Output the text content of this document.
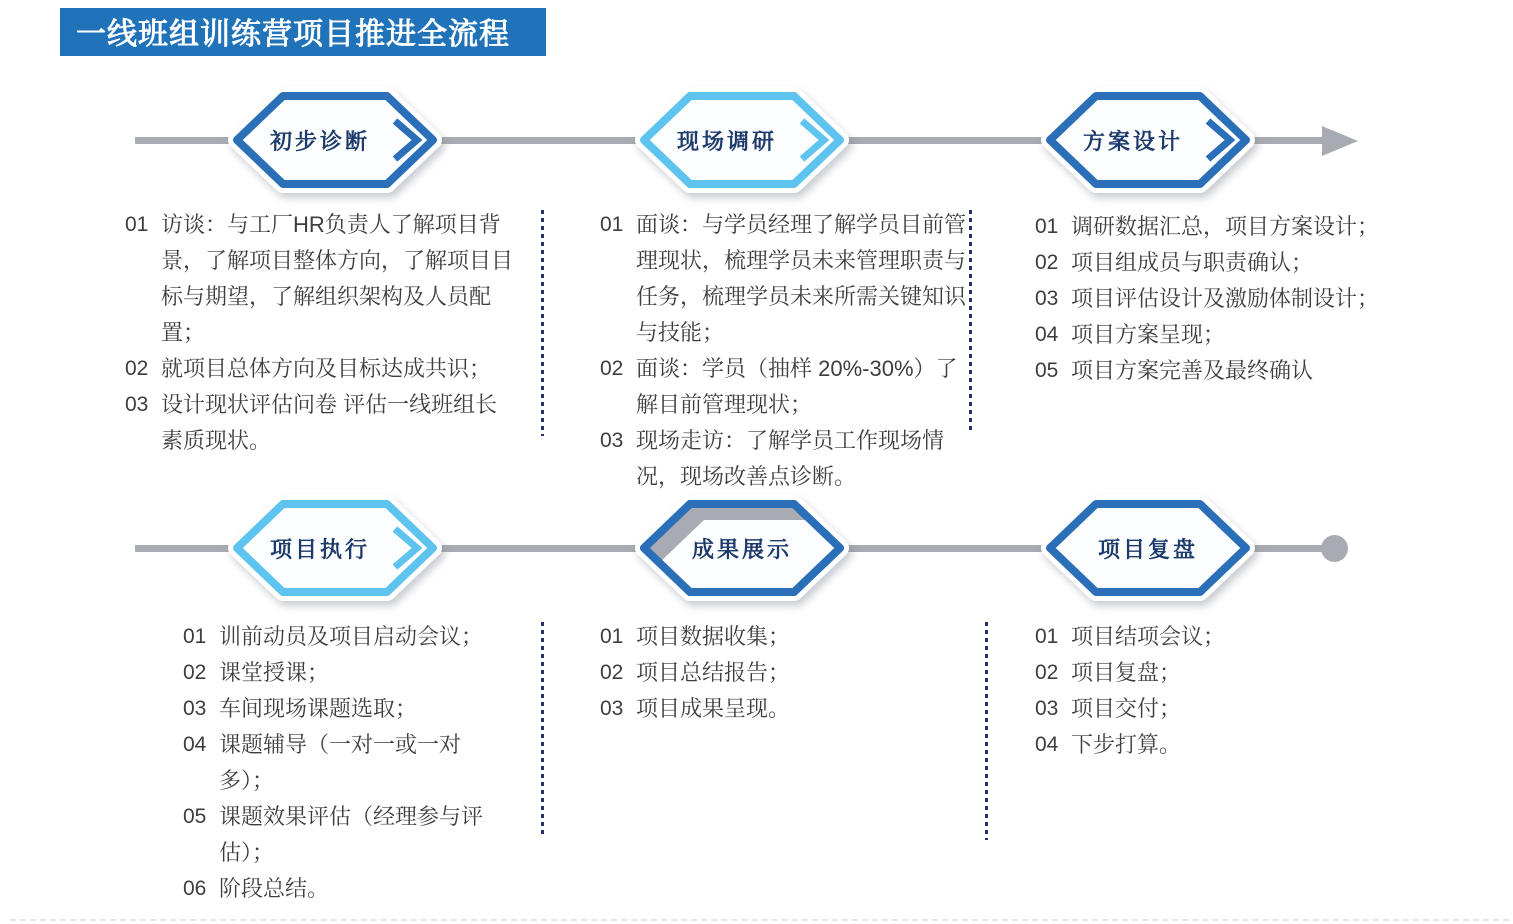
一线班组训练营项目推进全流程
初步诊断	现场调研	方案设计
项目执行	成果展示	项目复盘
01 访谈：与工厂HR负责人了解项目背景，了解项目整体方向，了解项目目标与期望，了解组织架构及人员配置；
02 就项目总体方向及目标达成共识；
03 设计现状评估问卷 评估一线班组长素质现状。
01 面谈：与学员经理了解学员目前管理现状，梳理学员未来管理职责与任务，梳理学员未来所需关键知识与技能；
02 面谈：学员（抽样 20%-30%）了解目前管理现状；
03 现场走访：了解学员工作现场情况，现场改善点诊断。
01 调研数据汇总，项目方案设计；
02 项目组成员与职责确认；
03 项目评估设计及激励体制设计；
04 项目方案呈现；
05 项目方案完善及最终确认
01 训前动员及项目启动会议；
02 课堂授课；
03 车间现场课题选取；
04 课题辅导（一对一或一对多）；
05 课题效果评估（经理参与评估）；
06 阶段总结。
01 项目数据收集；
02 项目总结报告；
03 项目成果呈现。
01 项目结项会议；
02 项目复盘；
03 项目交付；
04 下步打算。
